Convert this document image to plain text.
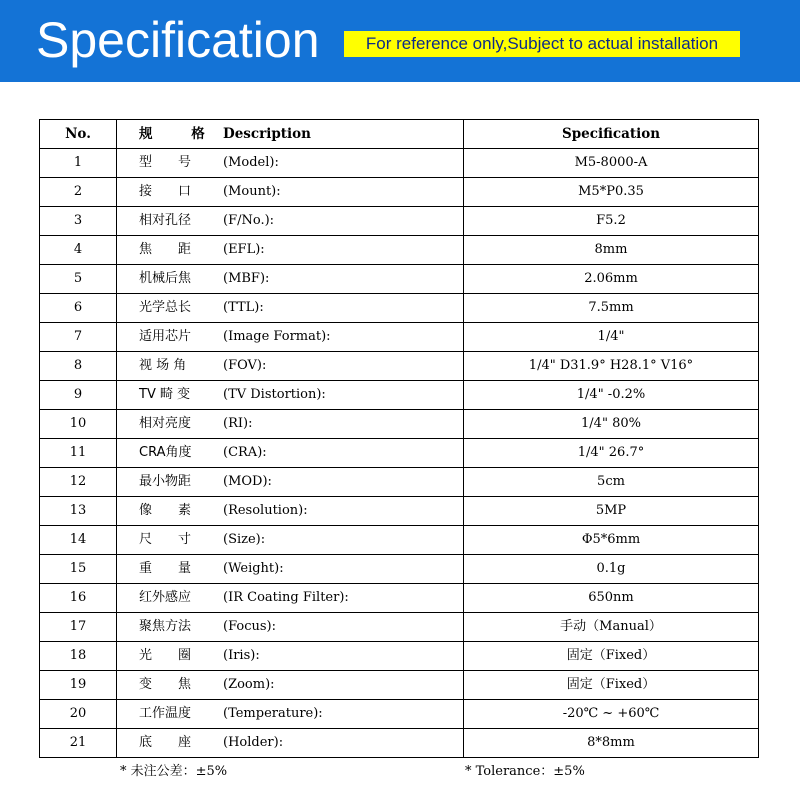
Specification	For reference only,Subject to actual installation
No.	规 格 Description	Specification
1	型　　号 (Model):	M5-8000-A
2	接　　口 (Mount):	M5*P0.35
3	相对孔径 (F/No.):	F5.2
4	焦　　距 (EFL):	8mm
5	机械后焦 (MBF):	2.06mm
6	光学总长 (TTL):	7.5mm
7	适用芯片 (Image Format):	1/4"
8	视 场 角 (FOV):	1/4" D31.9° H28.1° V16°
9	TV 畸 变 (TV Distortion):	1/4" -0.2%
10	相对亮度 (RI):	1/4" 80%
11	CRA角度 (CRA):	1/4" 26.7°
12	最小物距 (MOD):	5cm
13	像　　素 (Resolution):	5MP
14	尺　　寸 (Size):	Φ5*6mm
15	重　　量 (Weight):	0.1g
16	红外感应 (IR Coating Filter):	650nm
17	聚焦方法 (Focus):	手动（Manual）
18	光　　圈 (Iris):	固定（Fixed）
19	变　　焦 (Zoom):	固定（Fixed）
20	工作温度 (Temperature):	-20℃ ~ +60℃
21	底　　座 (Holder):	8*8mm
* 未注公差：±5%	* Tolerance：±5%
